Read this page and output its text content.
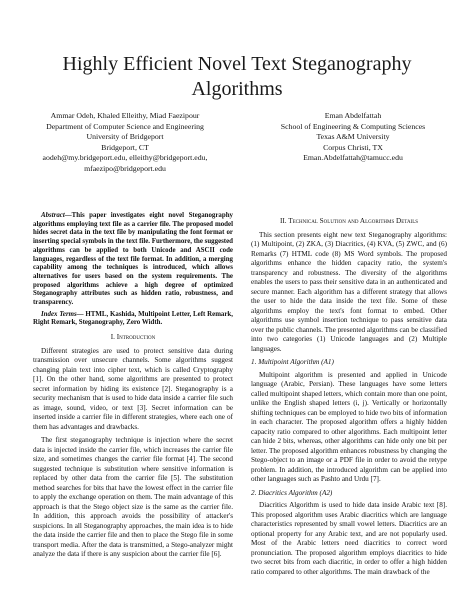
Highly Efficient Novel Text Steganography Algorithms
Ammar Odeh, Khaled Elleithy, Miad Faezipour
Department of Computer Science and Engineering
University of Bridgeport
Bridgeport, CT
aodeh@my.bridgeport.edu, elleithy@bridgeport.edu,
mfaezipo@bridgeport.edu
Eman Abdelfattah
School of Engineering & Computing Sciences
Texas A&M University
Corpus Christi, TX
Eman.Abdelfattah@tamucc.edu

Abstract—This paper investigates eight novel Steganography algorithms employing text file as a carrier file. The proposed model hides secret data in the text file by manipulating the font format or inserting special symbols in the text file. Furthermore, the suggested algorithms can be applied to both Unicode and ASCII code languages, regardless of the text file format. In addition, a merging capability among the techniques is introduced, which allows alternatives for users based on the system requirements. The proposed algorithms achieve a high degree of optimized Steganography attributes such as hidden ratio, robustness, and transparency.

Index Terms— HTML, Kashida, Multipoint Letter, Left Remark, Right Remark, Steganography, Zero Width.

I. Introduction

Different strategies are used to protect sensitive data during transmission over unsecure channels. Some algorithms suggest changing plain text into cipher text, which is called Cryptography [1]. On the other hand, some algorithms are presented to protect secret information by hiding its existence [2]. Steganography is a security mechanism that is used to hide data inside a carrier file such as image, sound, video, or text [3]. Secret information can be inserted inside a carrier file in different strategies, where each one of them has advantages and drawbacks.

The first steganography technique is injection where the secret data is injected inside the carrier file, which increases the carrier file size, and sometimes changes the carrier file format [4]. The second suggested technique is substitution where sensitive information is replaced by other data from the carrier file [5]. The substitution method searches for bits that have the lowest effect in the carrier file to apply the exchange operation on them. The main advantage of this approach is that the Stego object size is the same as the carrier file. In addition, this approach avoids the possibility of attacker's suspicions. In all Steganography approaches, the main idea is to hide the data inside the carrier file and then to place the Stego file in some transport media. After the data is transmitted, a Stego-analyzer might analyze the data if there is any suspicion about the carrier file [6].

II. Technical Solution and Algorithms Details

This section presents eight new text Steganography algorithms: (1) Multipoint, (2) ZKA, (3) Diacritics, (4) KVA, (5) ZWC, and (6) Remarks (7) HTML code (8) MS Word symbols. The proposed algorithms enhance the hidden capacity ratio, the system's transparency and robustness. The diversity of the algorithms enables the users to pass their sensitive data in an authenticated and secure manner. Each algorithm has a different strategy that allows the user to hide the data inside the text file. Some of these algorithms employ the text's font format to embed. Other algorithms use symbol insertion technique to pass sensitive data over the public channels. The presented algorithms can be classified into two categories (1) Unicode languages and (2) Multiple languages.

1. Multipoint Algorithm (A1)

Multipoint algorithm is presented and applied in Unicode language (Arabic, Persian). These languages have some letters called multipoint shaped letters, which contain more than one point, unlike the English shaped letters (i, j). Vertically or horizontally shifting techniques can be employed to hide two bits of information in each character. The proposed algorithm offers a highly hidden capacity ratio compared to other algorithms. Each multipoint letter can hide 2 bits, whereas, other algorithms can hide only one bit per letter. The proposed algorithm enhances robustness by changing the Stego-object to an image or a PDF file in order to avoid the retype problem. In addition, the introduced algorithm can be applied into other languages such as Pashto and Urdu [7].

2. Diacritics Algorithm (A2)

Diacritics Algorithm is used to hide data inside Arabic text [8]. This proposed algorithm uses Arabic diacritics which are language characteristics represented by small vowel letters. Diacritics are an optional property for any Arabic text, and are not popularly used. Most of the Arabic letters need diacritics to correct word pronunciation. The proposed algorithm employs diacritics to hide two secret bits from each diacritic, in order to offer a high hidden ratio compared to other algorithms. The main drawback of the
